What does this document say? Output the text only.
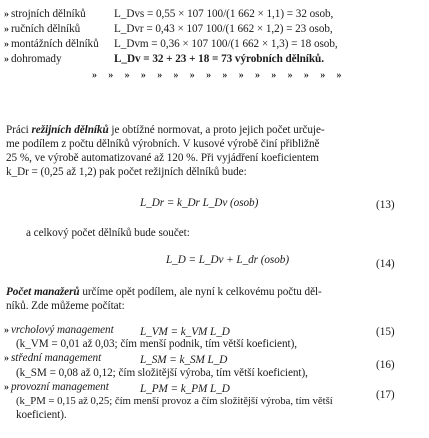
» strojních dělníků	L_Dvs = 0,55 × 107 100/(1 662 × 1,1) = 32 osob,
» ručních dělníků	L_Dvr = 0,43 × 107 100/(1 662 × 1,2) = 23 osob,
» montážních dělníků L_Dvm = 0,36 × 107 100/(1 662 × 1,3) = 18 osob,
» dohromady	L_Dv = 32 + 23 + 18 = 73 výrobních dělníků.
» » » » » » » » » » » » » » » »
Práci režijních dělníků je obtížné normovat, a proto jejich počet určuje-
me podílem z počtu dělníků výrobních. V kusové výrobě činí přibližně
25 %, ve výrobě automatizované až 120 %. Při vyjádření koeficientem
k_Dr = (0,25 až 1,2) pak počet režijních dělníků bude:
L_Dr = k_Dr L_Dv (osob)	(13)
a celkový počet dělníků bude součet:
L_D = L_Dv + L_dr (osob)	(14)
Počet manažerů určíme opět podílem, ale nyní k celkovému počtu děl-
níků. Zde můžeme počítat:
» vrcholový management L_VM = k_VM L_D	(15)
(k_VM = 0,01 až 0,03; čím menší podnik, tím větší koeficient),
» střední management	L_SM = k_SM L_D	(16)
(k_SM = 0,08 až 0,12; čím složitější výroba, tím větší koeficient),
» provozní management	L_PM = k_PM L_D	(17)
(k_PM = 0,15 až 0,25; čím menší provoz a čím složitější výroba, tím větší
koeficient).
